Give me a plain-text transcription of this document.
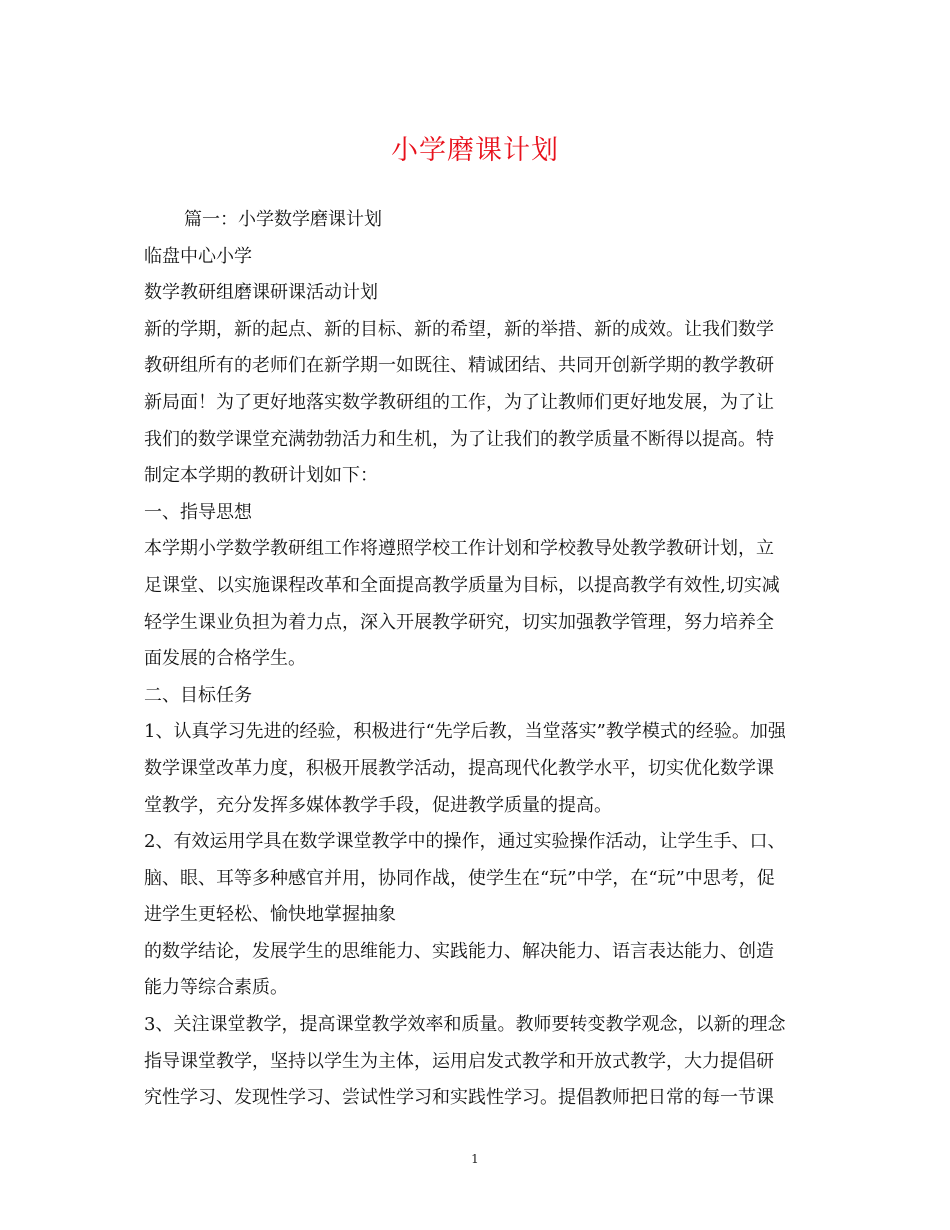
小学磨课计划
篇一：小学数学磨课计划
临盘中心小学
数学教研组磨课研课活动计划
新的学期，新的起点、新的目标、新的希望，新的举措、新的成效。让我们数学
教研组所有的老师们在新学期一如既往、精诚团结、共同开创新学期的教学教研
新局面！为了更好地落实数学教研组的工作，为了让教师们更好地发展，为了让
我们的数学课堂充满勃勃活力和生机，为了让我们的教学质量不断得以提高。特
制定本学期的教研计划如下：
一、指导思想
本学期小学数学教研组工作将遵照学校工作计划和学校教导处教学教研计划，立
足课堂、以实施课程改革和全面提高教学质量为目标，以提高教学有效性,切实减
轻学生课业负担为着力点，深入开展教学研究，切实加强教学管理，努力培养全
面发展的合格学生。
二、目标任务
1、认真学习先进的经验，积极进行“先学后教，当堂落实”教学模式的经验。加强
数学课堂改革力度，积极开展教学活动，提高现代化教学水平，切实优化数学课
堂教学，充分发挥多媒体教学手段，促进教学质量的提高。
2、有效运用学具在数学课堂教学中的操作，通过实验操作活动，让学生手、口、
脑、眼、耳等多种感官并用，协同作战，使学生在“玩”中学，在“玩”中思考，促
进学生更轻松、愉快地掌握抽象
的数学结论，发展学生的思维能力、实践能力、解决能力、语言表达能力、创造
能力等综合素质。
3、关注课堂教学，提高课堂教学效率和质量。教师要转变教学观念，以新的理念
指导课堂教学，坚持以学生为主体，运用启发式教学和开放式教学，大力提倡研
究性学习、发现性学习、尝试性学习和实践性学习。提倡教师把日常的每一节课
1
